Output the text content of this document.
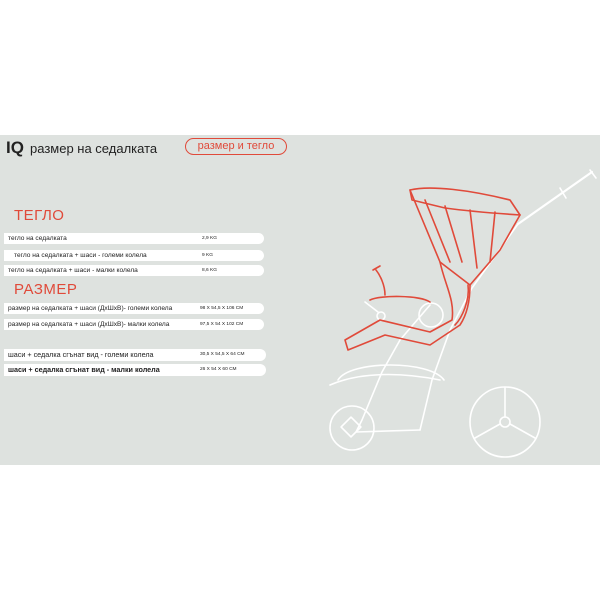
IQ размер на седалката	размер и тегло
ТЕГЛО
тегло на седалката	2,9 KG
тегло на седалката + шаси - големи колела	9 KG
тегло на седалката + шаси - малки колела	8,6 KG
РАЗМЕР
размер на седалката + шаси (ДхШхВ)- големи колела	98 X 54,5 X 106 CM
размер на седалката + шаси (ДхШхВ)- малки колела	97,5 X 54 X 102 CM
шаси + седалка сгънат вид - големи колела	30,5 X 54,5 X 64 CM
шаси + седалка сгънат вид - малки колела	26 X 54 X 60 CM
